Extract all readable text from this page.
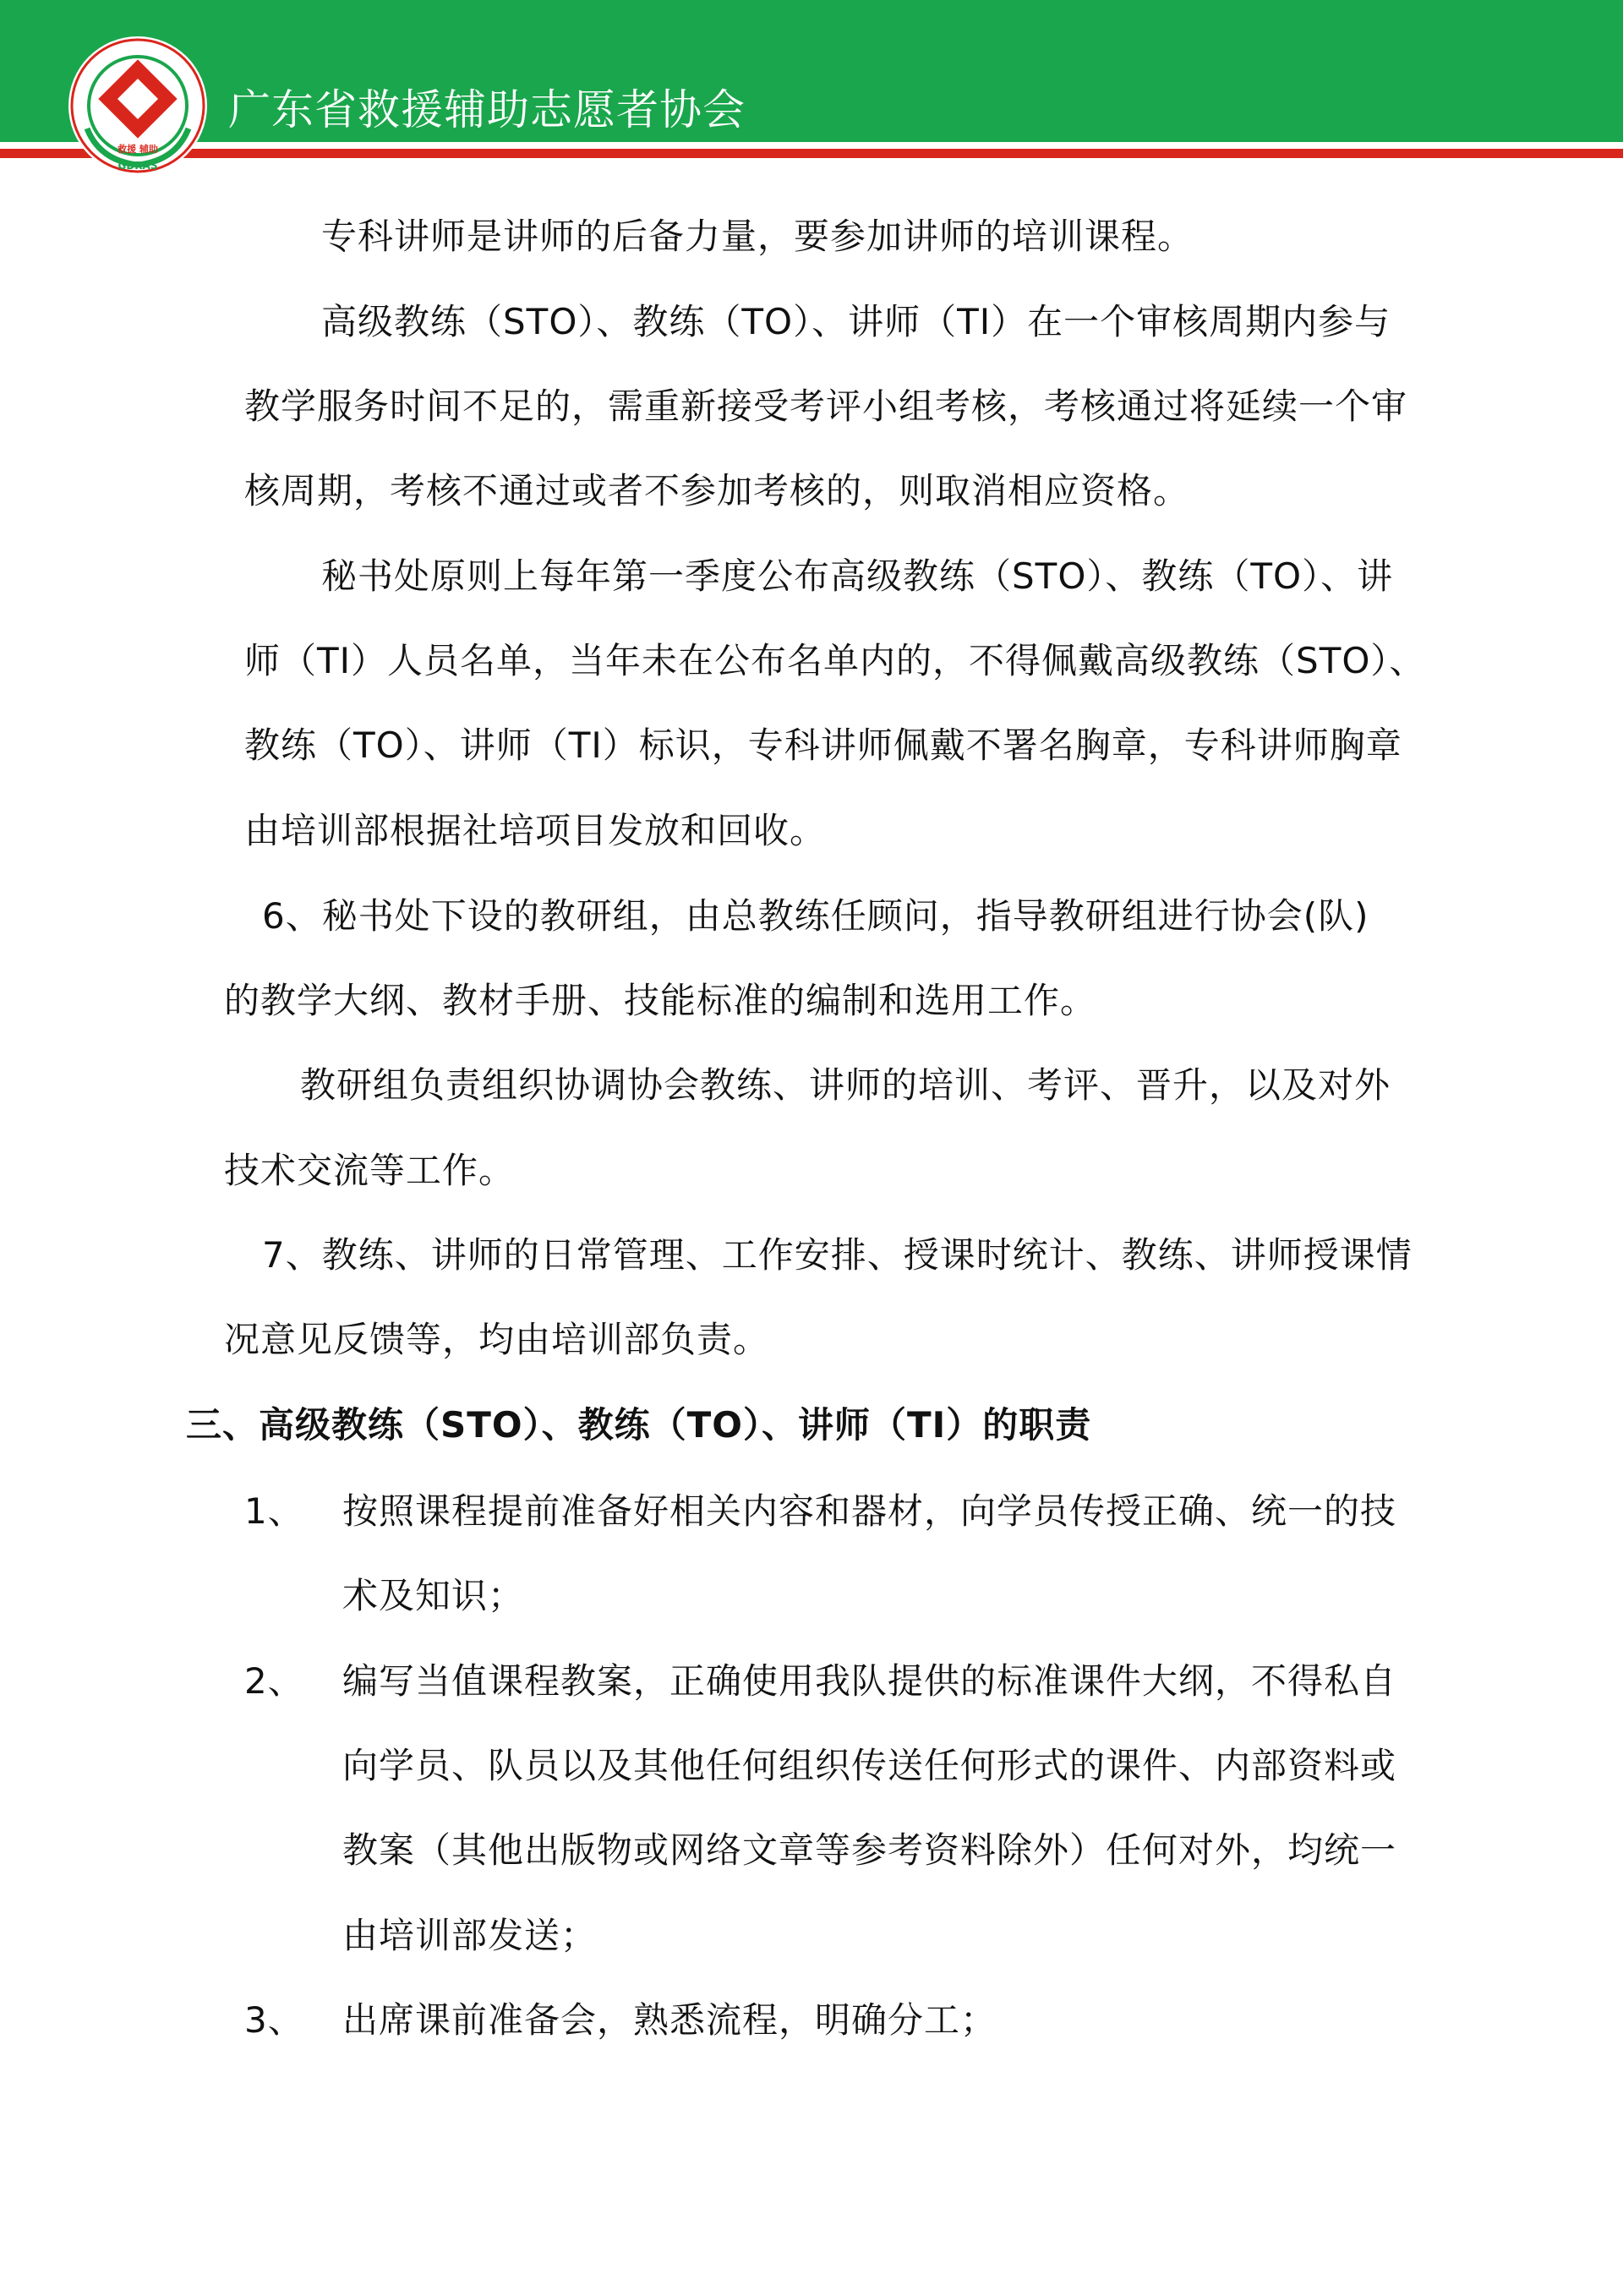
救援 辅助
GDRAS
广东省救援辅助志愿者协会
专科讲师是讲师的后备力量，要参加讲师的培训课程。
高级教练（STO）、教练（TO）、讲师（TI）在一个审核周期内参与
教学服务时间不足的，需重新接受考评小组考核，考核通过将延续一个审
核周期，考核不通过或者不参加考核的，则取消相应资格。
秘书处原则上每年第一季度公布高级教练（STO）、教练（TO）、讲
师（TI）人员名单，当年未在公布名单内的，不得佩戴高级教练（STO）、
教练（TO）、讲师（TI）标识，专科讲师佩戴不署名胸章，专科讲师胸章
由培训部根据社培项目发放和回收。
6、秘书处下设的教研组，由总教练任顾问，指导教研组进行协会(队)
的教学大纲、教材手册、技能标准的编制和选用工作。
教研组负责组织协调协会教练、讲师的培训、考评、晋升，以及对外
技术交流等工作。
7、教练、讲师的日常管理、工作安排、授课时统计、教练、讲师授课情
况意见反馈等，均由培训部负责。
三、高级教练（STO）、教练（TO）、讲师（TI）的职责
1、 按照课程提前准备好相关内容和器材，向学员传授正确、统一的技
术及知识；
2、 编写当值课程教案，正确使用我队提供的标准课件大纲，不得私自
向学员、队员以及其他任何组织传送任何形式的课件、内部资料或
教案（其他出版物或网络文章等参考资料除外）任何对外，均统一
由培训部发送；
3、 出席课前准备会，熟悉流程，明确分工；
